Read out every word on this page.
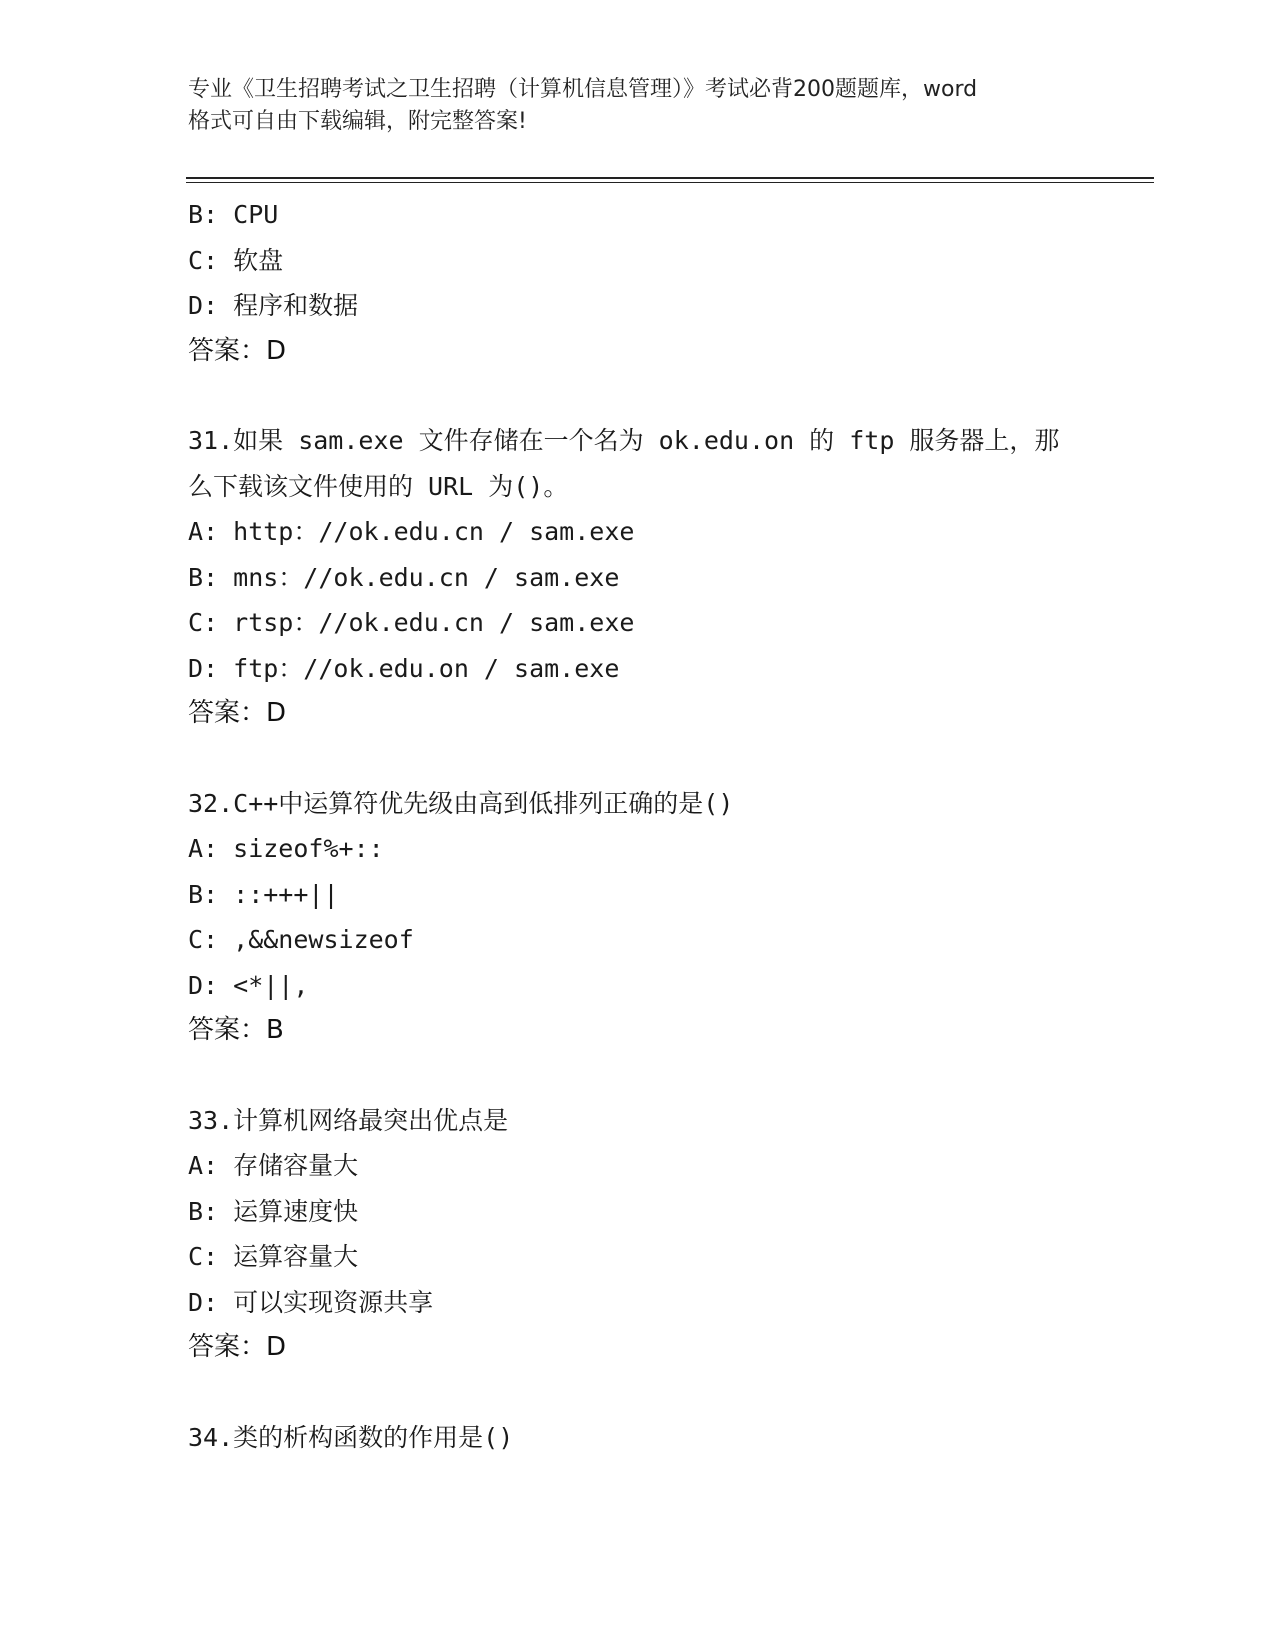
专业《卫生招聘考试之卫生招聘（计算机信息管理）》考试必背200题题库，word
格式可自由下载编辑，附完整答案!
B: CPU
C: 软盘
D: 程序和数据
答案：D
31.如果 sam.exe 文件存储在一个名为 ok.edu.on 的 ftp 服务器上，那
么下载该文件使用的 URL 为()。
A: http：//ok.edu.cn / sam.exe
B: mns：//ok.edu.cn / sam.exe
C: rtsp：//ok.edu.cn / sam.exe
D: ftp：//ok.edu.on / sam.exe
答案：D
32.C++中运算符优先级由高到低排列正确的是()
A: sizeof%+::
B: ::+++||
C: ,&&newsizeof
D: <*||,
答案：B
33.计算机网络最突出优点是
A: 存储容量大
B: 运算速度快
C: 运算容量大
D: 可以实现资源共享
答案：D
34.类的析构函数的作用是()
